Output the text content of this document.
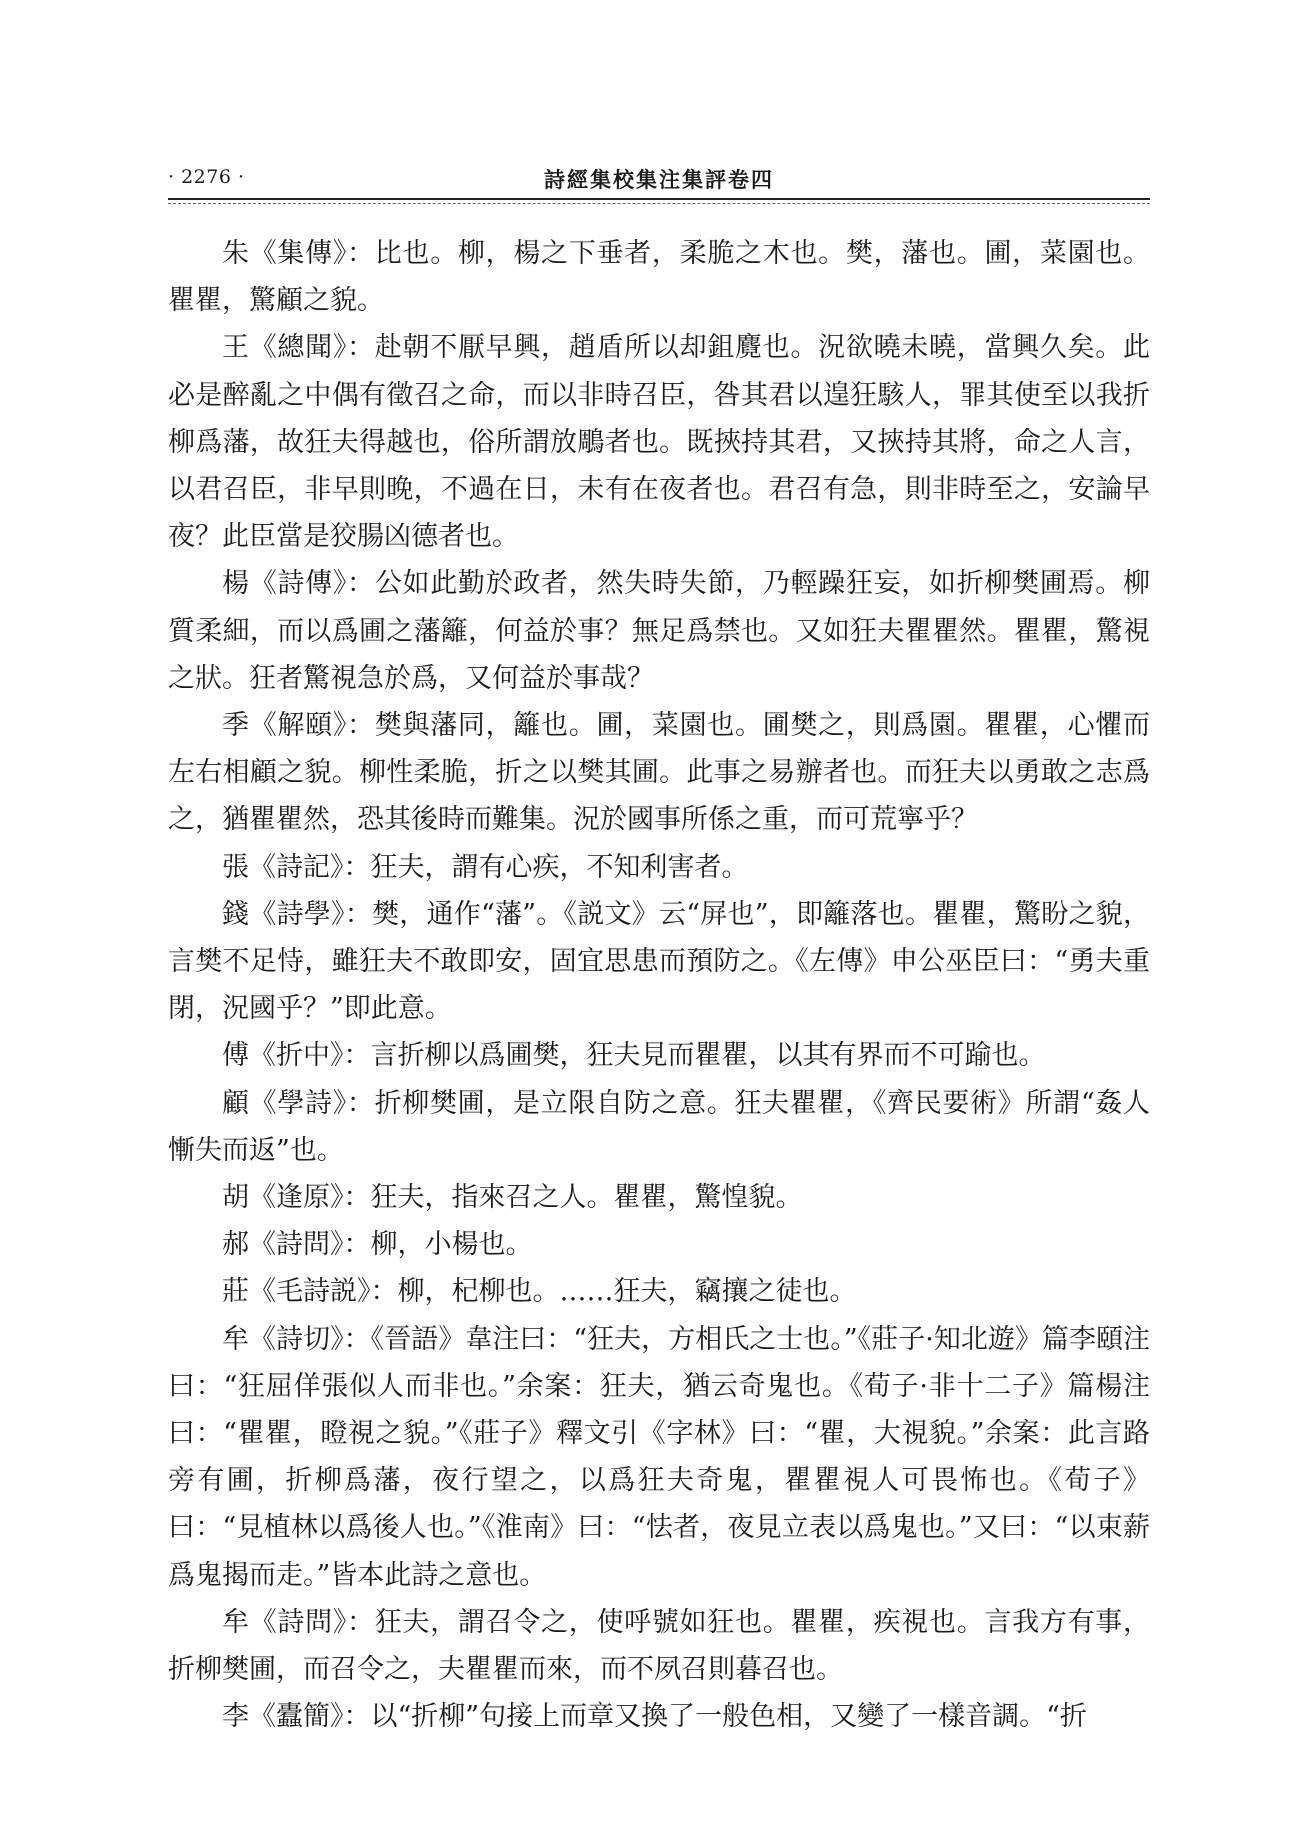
· 2276 ·	詩經集校集注集評卷四

朱《集傳》：比也。柳，楊之下垂者，柔脆之木也。樊，藩也。圃，菜園也。瞿瞿，驚顧之貌。

王《總聞》：赴朝不厭早興，趙盾所以却鉏麑也。況欲曉未曉，當興久矣。此必是醉亂之中偶有徵召之命，而以非時召臣，咎其君以遑狂駭人，罪其使至以我折柳爲藩，故狂夫得越也，俗所謂放鵰者也。既挾持其君，又挾持其將，命之人言，以君召臣，非早則晚，不過在日，未有在夜者也。君召有急，則非時至之，安論早夜？此臣當是狡腸凶德者也。

楊《詩傳》：公如此勤於政者，然失時失節，乃輕躁狂妄，如折柳樊圃焉。柳質柔細，而以爲圃之藩籬，何益於事？無足爲禁也。又如狂夫瞿瞿然。瞿瞿，驚視之狀。狂者驚視急於爲，又何益於事哉？

季《解頤》：樊與藩同，籬也。圃，菜園也。圃樊之，則爲園。瞿瞿，心懼而左右相顧之貌。柳性柔脆，折之以樊其圃。此事之易辦者也。而狂夫以勇敢之志爲之，猶瞿瞿然，恐其後時而難集。況於國事所係之重，而可荒寧乎？

張《詩記》：狂夫，謂有心疾，不知利害者。

錢《詩學》：樊，通作“藩”。《説文》云“屏也”，即籬落也。瞿瞿，驚盼之貌，言樊不足恃，雖狂夫不敢即安，固宜思患而預防之。《左傳》申公巫臣曰：“勇夫重閉，況國乎？”即此意。

傅《折中》：言折柳以爲圃樊，狂夫見而瞿瞿，以其有界而不可踰也。

顧《學詩》：折柳樊圃，是立限自防之意。狂夫瞿瞿，《齊民要術》所謂“姦人慚失而返”也。

胡《逢原》：狂夫，指來召之人。瞿瞿，驚惶貌。

郝《詩問》：柳，小楊也。

莊《毛詩説》：柳，杞柳也。……狂夫，竊攘之徒也。

牟《詩切》：《晉語》韋注曰：“狂夫，方相氏之士也。”《莊子·知北遊》篇李頤注曰：“狂屈佯張似人而非也。”余案：狂夫，猶云奇鬼也。《荀子·非十二子》篇楊注曰：“瞿瞿，瞪視之貌。”《莊子》釋文引《字林》曰：“瞿，大視貌。”余案：此言路旁有圃，折柳爲藩，夜行望之，以爲狂夫奇鬼，瞿瞿視人可畏怖也。《荀子》曰：“見植林以爲後人也。”《淮南》曰：“怯者，夜見立表以爲鬼也。”又曰：“以束薪爲鬼揭而走。”皆本此詩之意也。

牟《詩問》：狂夫，謂召令之，使呼號如狂也。瞿瞿，疾視也。言我方有事，折柳樊圃，而召令之，夫瞿瞿而來，而不夙召則暮召也。

李《蠹簡》：以“折柳”句接上而章又換了一般色相，又變了一樣音調。“折
